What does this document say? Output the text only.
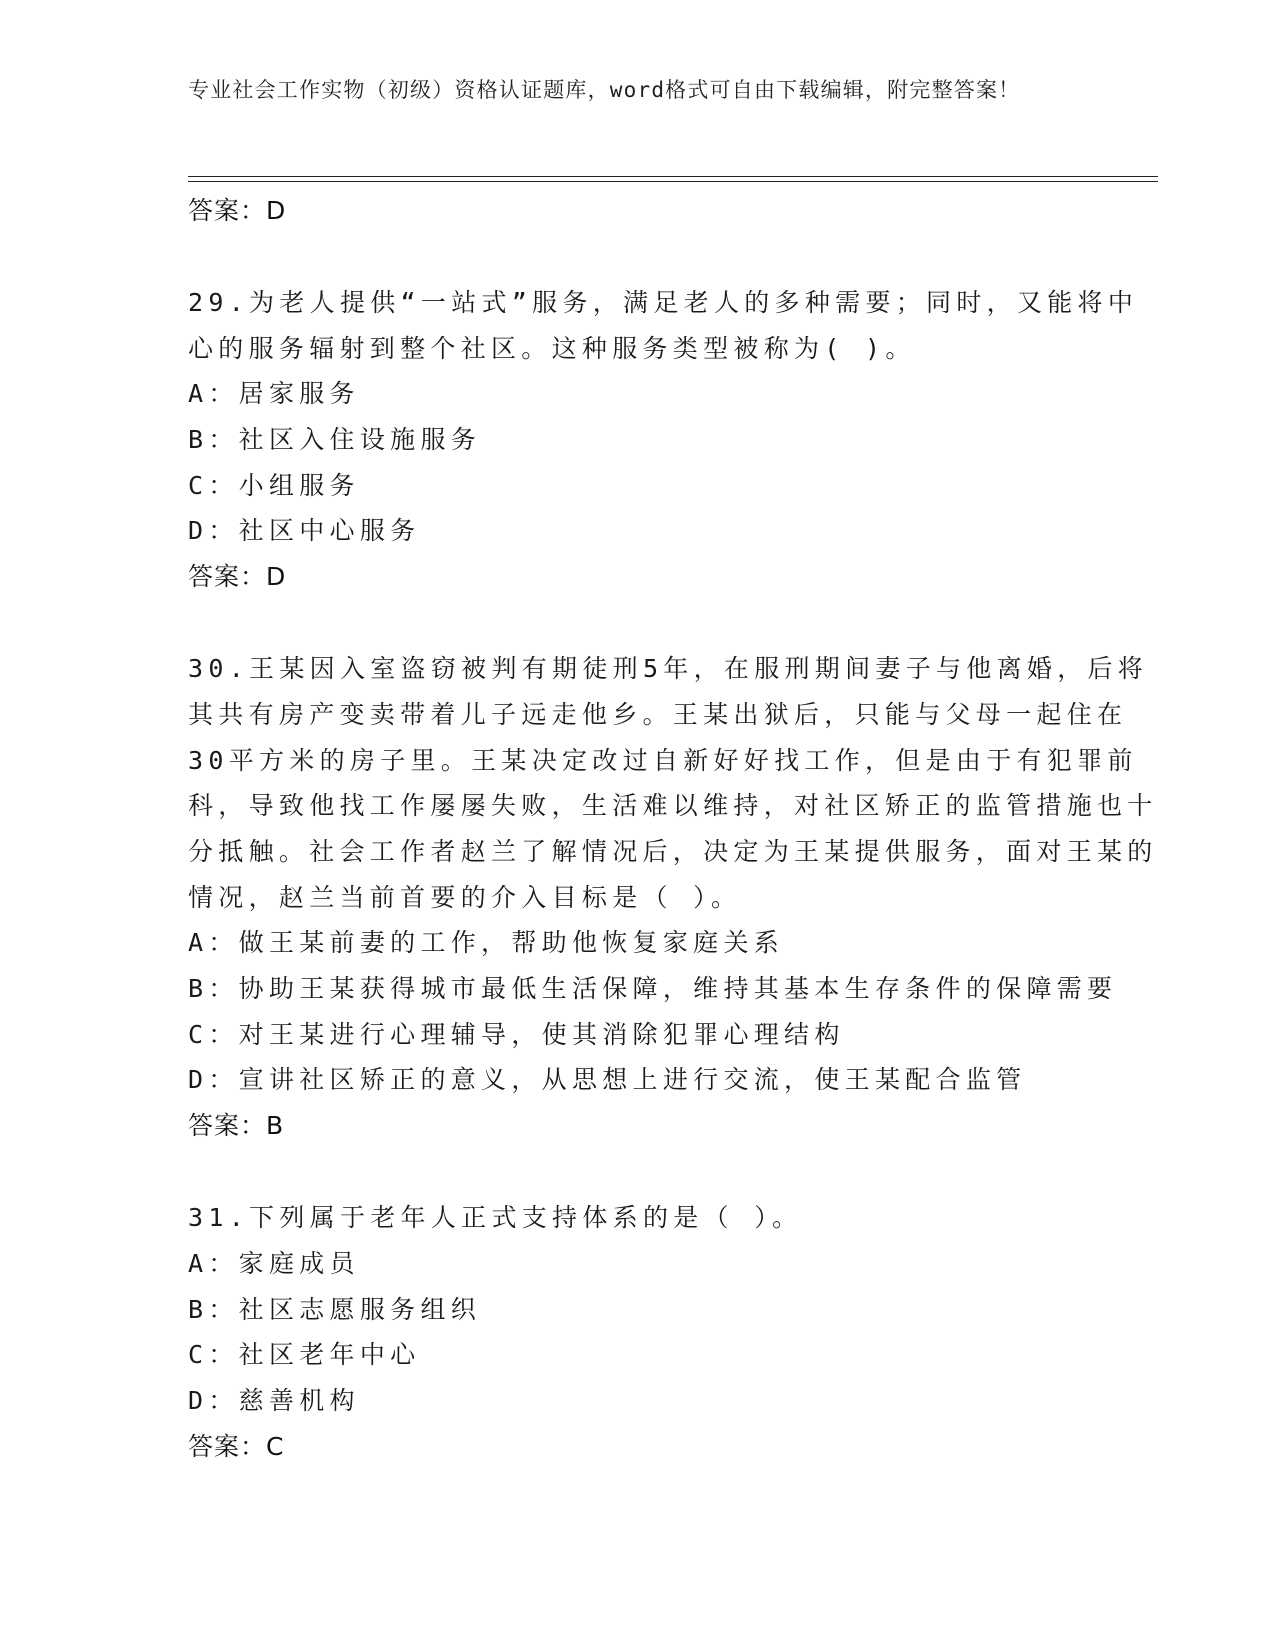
专业社会工作实物（初级）资格认证题库，word格式可自由下载编辑，附完整答案！
答案：D
29.为老人提供“一站式”服务，满足老人的多种需要；同时，又能将中心的服务辐射到整个社区。这种服务类型被称为( )。
A：居家服务
B：社区入住设施服务
C：小组服务
D：社区中心服务
答案：D
30.王某因入室盗窃被判有期徒刑5年，在服刑期间妻子与他离婚，后将其共有房产变卖带着儿子远走他乡。王某出狱后，只能与父母一起住在30平方米的房子里。王某决定改过自新好好找工作，但是由于有犯罪前科，导致他找工作屡屡失败，生活难以维持，对社区矫正的监管措施也十分抵触。社会工作者赵兰了解情况后，决定为王某提供服务，面对王某的情况，赵兰当前首要的介入目标是（ ）。
A：做王某前妻的工作，帮助他恢复家庭关系
B：协助王某获得城市最低生活保障，维持其基本生存条件的保障需要
C：对王某进行心理辅导，使其消除犯罪心理结构
D：宣讲社区矫正的意义，从思想上进行交流，使王某配合监管
答案：B
31.下列属于老年人正式支持体系的是（ ）。
A：家庭成员
B：社区志愿服务组织
C：社区老年中心
D：慈善机构
答案：C
